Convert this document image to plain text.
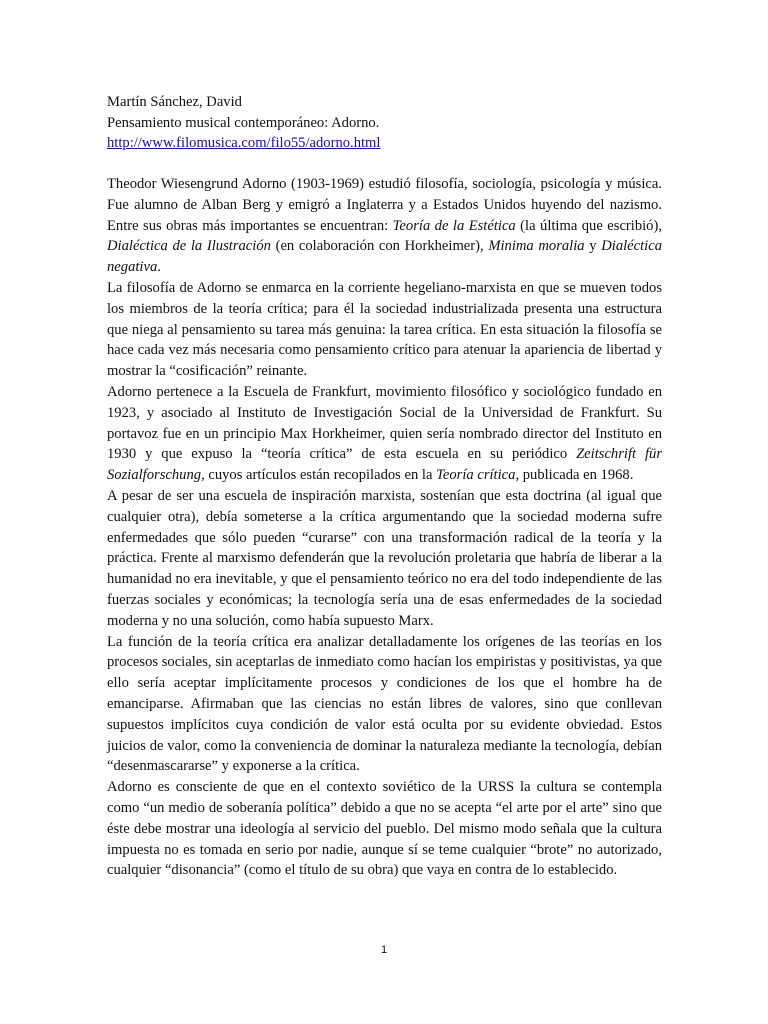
Martín Sánchez, David
Pensamiento musical contemporáneo: Adorno.
http://www.filomusica.com/filo55/adorno.html

Theodor Wiesengrund Adorno (1903-1969) estudió filosofía, sociología, psicología y música. Fue alumno de Alban Berg y emigró a Inglaterra y a Estados Unidos huyendo del nazismo. Entre sus obras más importantes se encuentran: Teoría de la Estética (la última que escribió), Dialéctica de la Ilustración (en colaboración con Horkheimer), Minima moralia y Dialéctica negativa.

La filosofía de Adorno se enmarca en la corriente hegeliano-marxista en que se mueven todos los miembros de la teoría crítica; para él la sociedad industrializada presenta una estructura que niega al pensamiento su tarea más genuina: la tarea crítica. En esta situación la filosofía se hace cada vez más necesaria como pensamiento crítico para atenuar la apariencia de libertad y mostrar la “cosificación” reinante.

Adorno pertenece a la Escuela de Frankfurt, movimiento filosófico y sociológico fundado en 1923, y asociado al Instituto de Investigación Social de la Universidad de Frankfurt. Su portavoz fue en un principio Max Horkheimer, quien sería nombrado director del Instituto en 1930 y que expuso la “teoría crítica” de esta escuela en su periódico Zeitschrift für Sozialforschung, cuyos artículos están recopilados en la Teoría crítica, publicada en 1968.

A pesar de ser una escuela de inspiración marxista, sostenían que esta doctrina (al igual que cualquier otra), debía someterse a la crítica argumentando que la sociedad moderna sufre enfermedades que sólo pueden “curarse” con una transformación radical de la teoría y la práctica. Frente al marxismo defenderán que la revolución proletaria que habría de liberar a la humanidad no era inevitable, y que el pensamiento teórico no era del todo independiente de las fuerzas sociales y económicas; la tecnología sería una de esas enfermedades de la sociedad moderna y no una solución, como había supuesto Marx.

La función de la teoría crítica era analizar detalladamente los orígenes de las teorías en los procesos sociales, sin aceptarlas de inmediato como hacían los empiristas y positivistas, ya que ello sería aceptar implícitamente procesos y condiciones de los que el hombre ha de emanciparse. Afirmaban que las ciencias no están libres de valores, sino que conllevan supuestos implícitos cuya condición de valor está oculta por su evidente obviedad. Estos juicios de valor, como la conveniencia de dominar la naturaleza mediante la tecnología, debían “desenmascararse” y exponerse a la crítica.

Adorno es consciente de que en el contexto soviético de la URSS la cultura se contempla como “un medio de soberanía política” debido a que no se acepta “el arte por el arte” sino que éste debe mostrar una ideología al servicio del pueblo. Del mismo modo señala que la cultura impuesta no es tomada en serio por nadie, aunque sí se teme cualquier “brote” no autorizado, cualquier “disonancia” (como el título de su obra) que vaya en contra de lo establecido.

1
